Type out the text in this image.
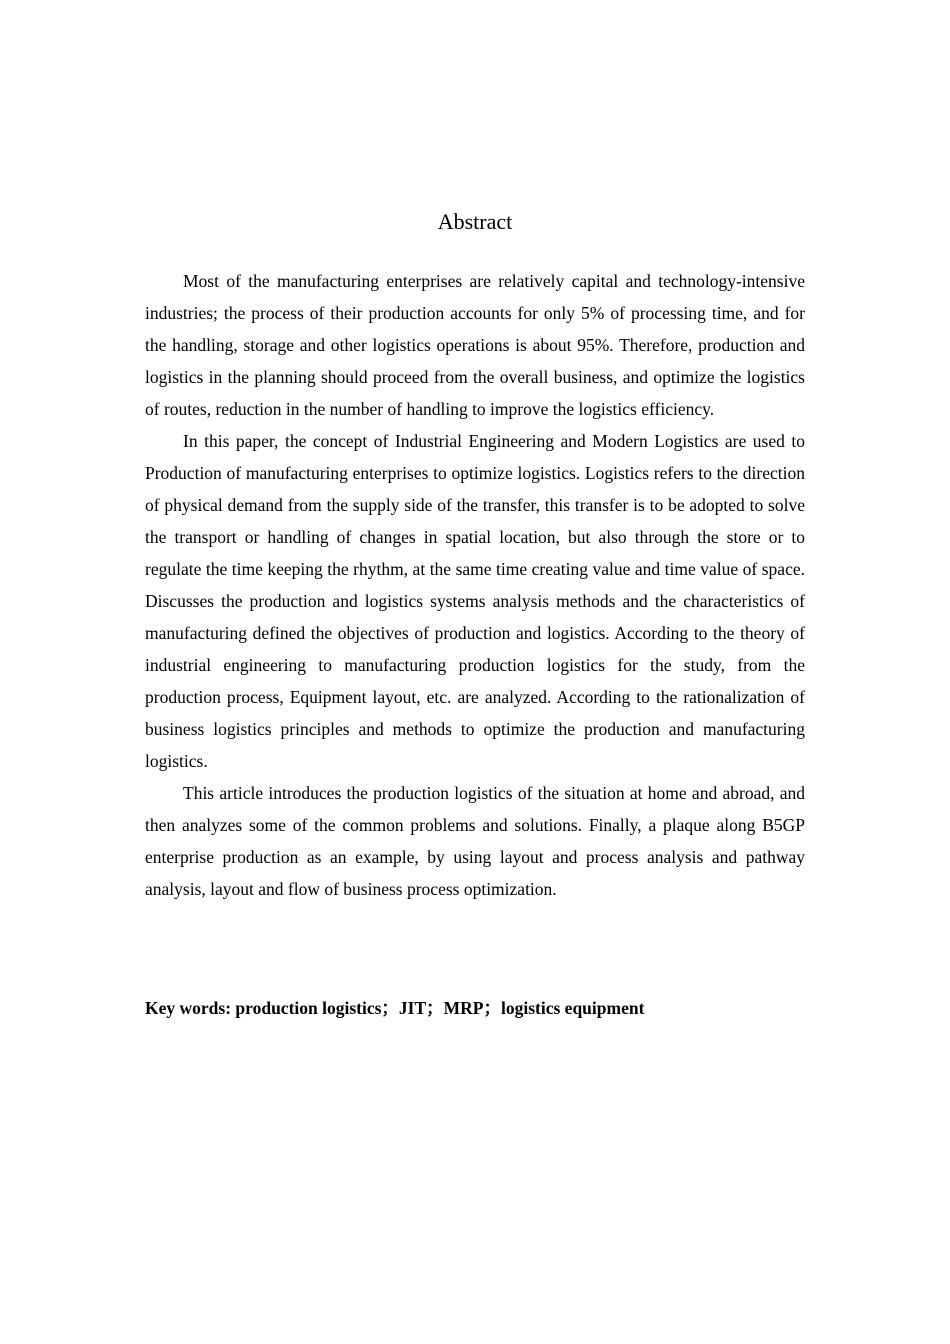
Abstract

Most of the manufacturing enterprises are relatively capital and technology-intensive industries; the process of their production accounts for only 5% of processing time, and for the handling, storage and other logistics operations is about 95%. Therefore, production and logistics in the planning should proceed from the overall business, and optimize the logistics of routes, reduction in the number of handling to improve the logistics efficiency.

In this paper, the concept of Industrial Engineering and Modern Logistics are used to Production of manufacturing enterprises to optimize logistics. Logistics refers to the direction of physical demand from the supply side of the transfer, this transfer is to be adopted to solve the transport or handling of changes in spatial location, but also through the store or to regulate the time keeping the rhythm, at the same time creating value and time value of space. Discusses the production and logistics systems analysis methods and the characteristics of manufacturing defined the objectives of production and logistics. According to the theory of industrial engineering to manufacturing production logistics for the study, from the production process, Equipment layout, etc. are analyzed. According to the rationalization of business logistics principles and methods to optimize the production and manufacturing logistics.

This article introduces the production logistics of the situation at home and abroad, and then analyzes some of the common problems and solutions. Finally, a plaque along B5GP enterprise production as an example, by using layout and process analysis and pathway analysis, layout and flow of business process optimization.

Key words: production logistics；JIT；MRP；logistics equipment
